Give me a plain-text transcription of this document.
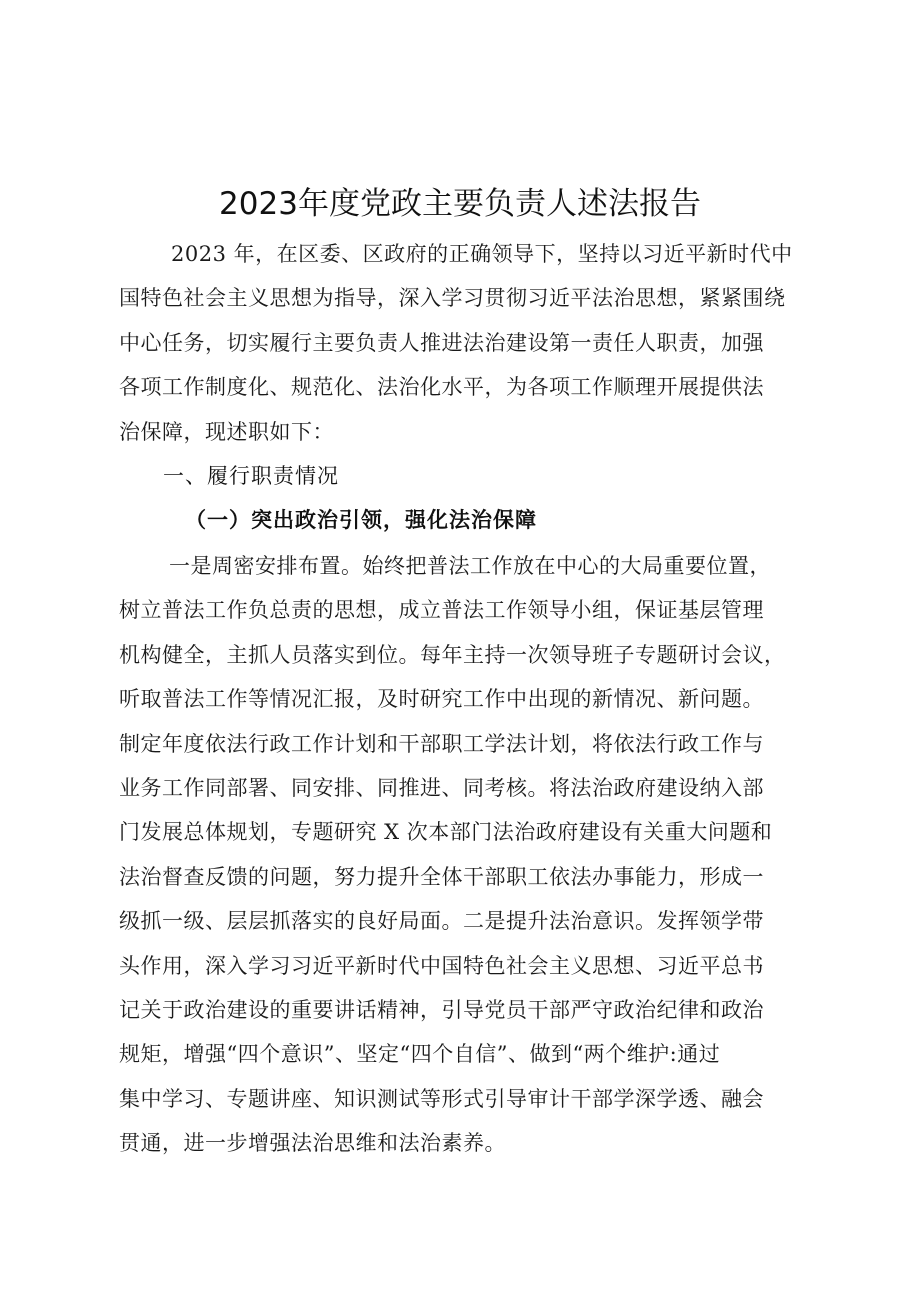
2023年度党政主要负责人述法报告
2023 年，在区委、区政府的正确领导下，坚持以习近平新时代中
国特色社会主义思想为指导，深入学习贯彻习近平法治思想，紧紧围绕
中心任务，切实履行主要负责人推进法治建设第一责任人职责，加强
各项工作制度化、规范化、法治化水平，为各项工作顺理开展提供法
治保障，现述职如下：
一、履行职责情况
（一）突出政治引领，强化法治保障
一是周密安排布置。始终把普法工作放在中心的大局重要位置，
树立普法工作负总责的思想，成立普法工作领导小组，保证基层管理
机构健全，主抓人员落实到位。每年主持一次领导班子专题研讨会议，
听取普法工作等情况汇报，及时研究工作中出现的新情况、新问题。
制定年度依法行政工作计划和干部职工学法计划，将依法行政工作与
业务工作同部署、同安排、同推进、同考核。将法治政府建设纳入部
门发展总体规划，专题研究 X 次本部门法治政府建设有关重大问题和
法治督查反馈的问题，努力提升全体干部职工依法办事能力，形成一
级抓一级、层层抓落实的良好局面。二是提升法治意识。发挥领学带
头作用，深入学习习近平新时代中国特色社会主义思想、习近平总书
记关于政治建设的重要讲话精神，引导党员干部严守政治纪律和政治
规矩，增强“四个意识”、坚定“四个自信”、做到“两个维护:通过
集中学习、专题讲座、知识测试等形式引导审计干部学深学透、融会
贯通，进一步增强法治思维和法治素养。
